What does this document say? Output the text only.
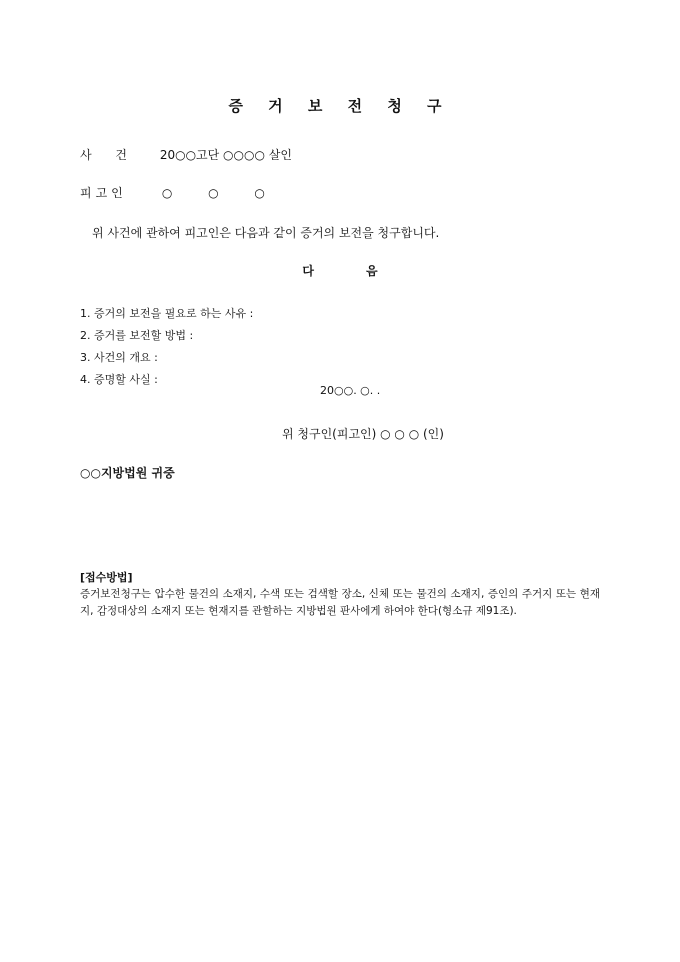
증 거 보 전 청 구
사 건 20○○고단 ○○○○ 살인
피고인	○ ○ ○
위 사건에 관하여 피고인은 다음과 같이 증거의 보전을 청구합니다.
다	음
1. 증거의 보전을 필요로 하는 사유 :
2. 증거를 보전할 방법 :
3. 사건의 개요 :
4. 증명할 사실 :
20○○. ○. .
위 청구인(피고인) ○ ○ ○ (인)
○○지방법원 귀중
[접수방법]
증거보전청구는 압수한 물건의 소재지, 수색 또는 검색할 장소, 신체 또는 물건의 소재지, 증인의 주거지 또는 현재지, 감정대상의 소재지 또는 현재지를 관할하는 지방법원 판사에게 하여야 한다(형소규 제91조).
